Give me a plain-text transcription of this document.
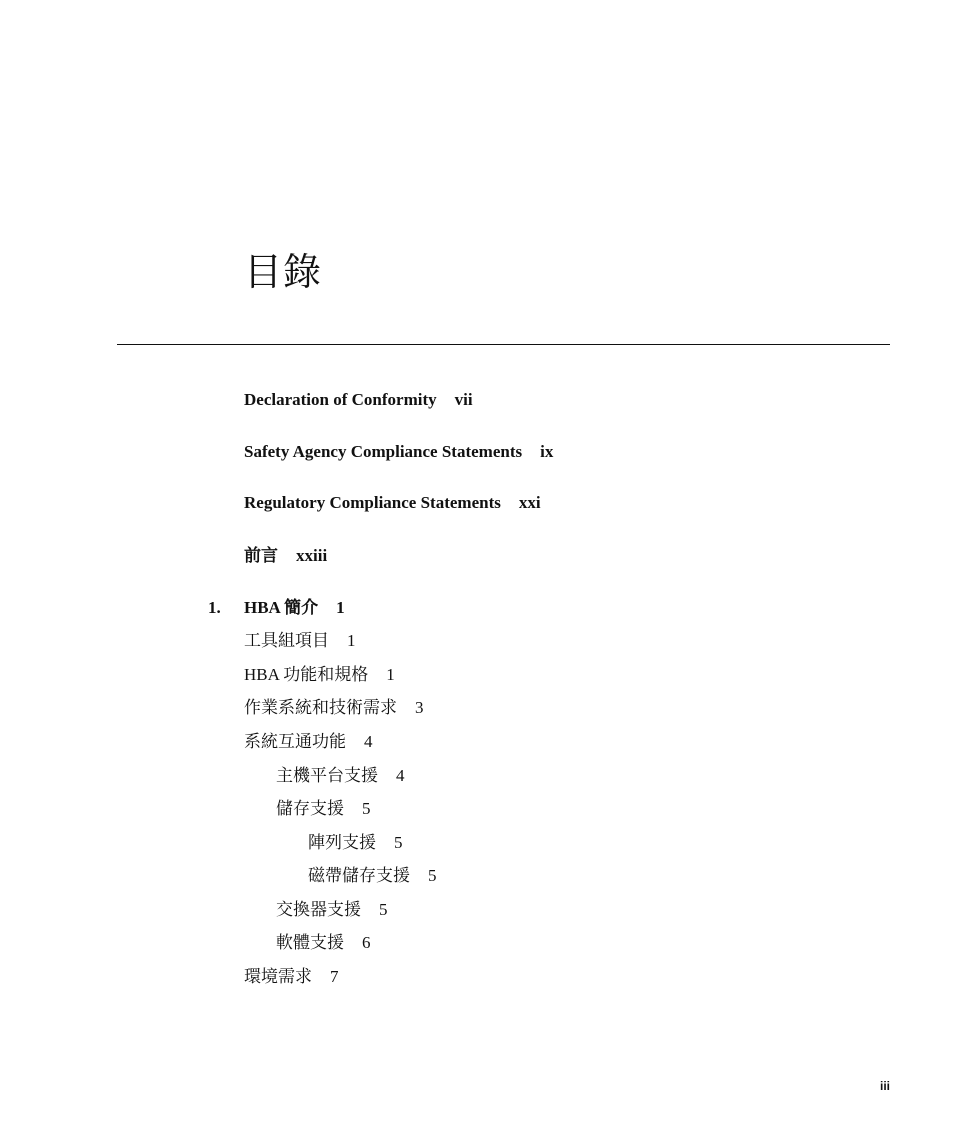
目錄
Declaration of Conformity vii
Safety Agency Compliance Statements ix
Regulatory Compliance Statements xxi
前言 xxiii
1. HBA 簡介 1
工具組項目 1
HBA 功能和規格 1
作業系統和技術需求 3
系統互通功能 4
主機平台支援 4
儲存支援 5
陣列支援 5
磁帶儲存支援 5
交換器支援 5
軟體支援 6
環境需求 7
iii
